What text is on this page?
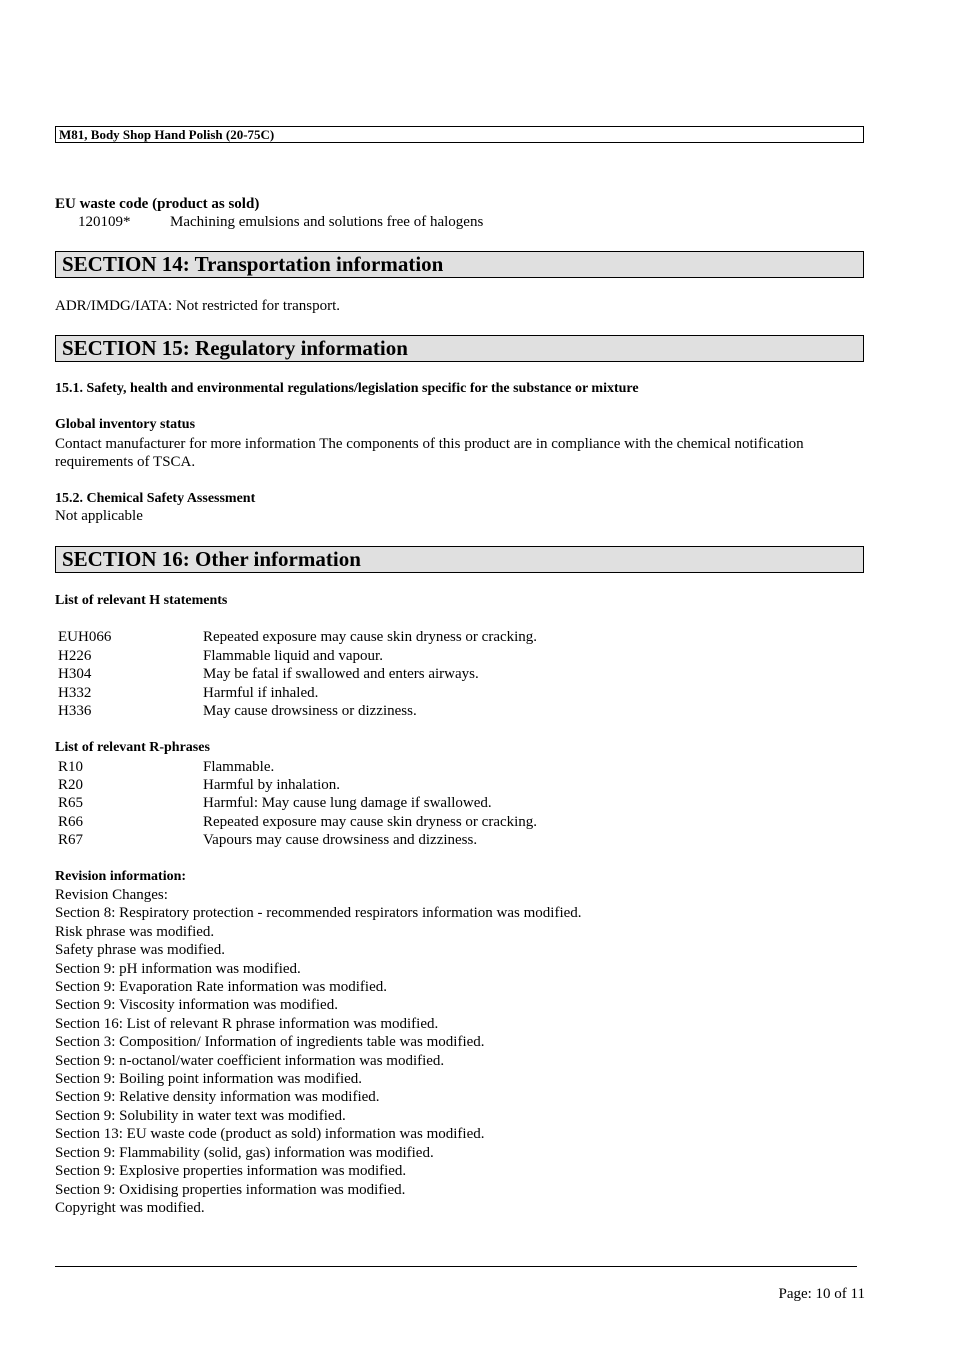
M81, Body Shop Hand Polish (20-75C)
EU waste code (product as sold)
120109*	Machining emulsions and solutions free of halogens
SECTION 14: Transportation information
ADR/IMDG/IATA: Not restricted for transport.
SECTION 15: Regulatory information
15.1. Safety, health and environmental regulations/legislation specific for the substance or mixture
Global inventory status
Contact manufacturer for more information The components of this product are in compliance with the chemical notification requirements of TSCA.
15.2. Chemical Safety Assessment
Not applicable
SECTION 16: Other information
List of relevant H statements
EUH066	Repeated exposure may cause skin dryness or cracking.
H226	Flammable liquid and vapour.
H304	May be fatal if swallowed and enters airways.
H332	Harmful if inhaled.
H336	May cause drowsiness or dizziness.
List of relevant R-phrases
R10	Flammable.
R20	Harmful by inhalation.
R65	Harmful: May cause lung damage if swallowed.
R66	Repeated exposure may cause skin dryness or cracking.
R67	Vapours may cause drowsiness and dizziness.
Revision information:
Revision Changes:
Section 8: Respiratory protection - recommended respirators information was modified.
Risk phrase was modified.
Safety phrase was modified.
Section 9: pH information was modified.
Section 9: Evaporation Rate information was modified.
Section 9: Viscosity information was modified.
Section 16: List of relevant R phrase information was modified.
Section 3: Composition/ Information of ingredients table was modified.
Section 9: n-octanol/water coefficient information was modified.
Section 9: Boiling point information was modified.
Section 9: Relative density information was modified.
Section 9: Solubility in water text was modified.
Section 13: EU waste code (product as sold) information was modified.
Section 9: Flammability (solid, gas) information was modified.
Section 9: Explosive properties information was modified.
Section 9: Oxidising properties information was modified.
Copyright was modified.
Page: 10 of 11
